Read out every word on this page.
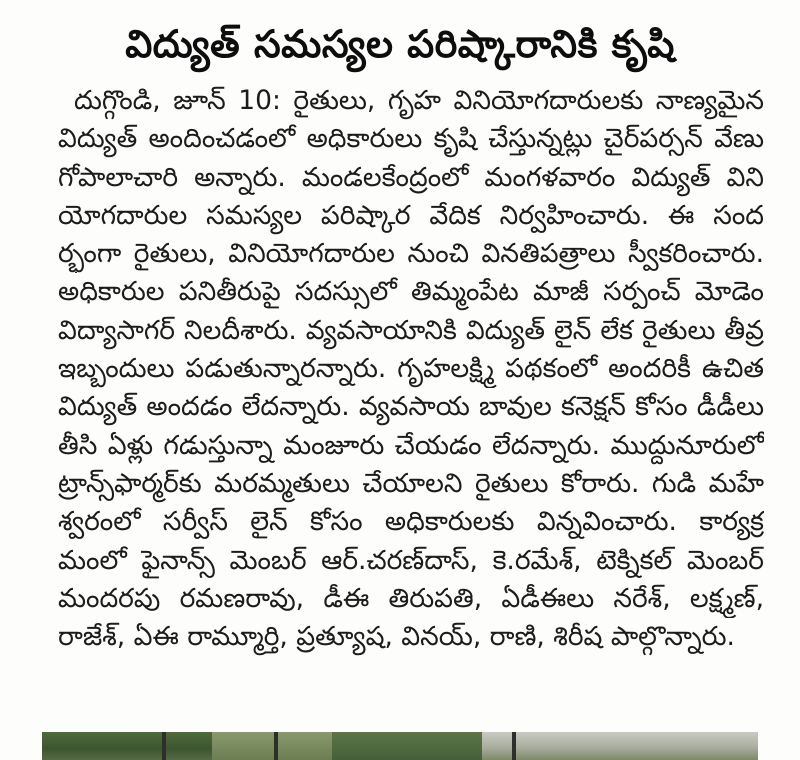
విద్యుత్ సమస్యల పరిష్కారానికి కృషి
దుగ్గొండి, జూన్ 10: రైతులు, గృహ వినియోగదారులకు నాణ్యమైన
విద్యుత్ అందించడంలో అధికారులు కృషి చేస్తున్నట్లు చైర్‌పర్సన్ వేణు
గోపాలాచారి అన్నారు. మండలకేంద్రంలో మంగళవారం విద్యుత్ విని
యోగదారుల సమస్యల పరిష్కార వేదిక నిర్వహించారు. ఈ సంద
ర్భంగా రైతులు, వినియోగదారుల నుంచి వినతిపత్రాలు స్వీకరించారు.
అధికారుల పనితీరుపై సదస్సులో తిమ్మంపేట మాజీ సర్పంచ్ మోడెం
విద్యాసాగర్ నిలదీశారు. వ్యవసాయానికి విద్యుత్ లైన్ లేక రైతులు తీవ్ర
ఇబ్బందులు పడుతున్నారన్నారు. గృహలక్ష్మి పథకంలో అందరికీ ఉచిత
విద్యుత్ అందడం లేదన్నారు. వ్యవసాయ బావుల కనెక్షన్ కోసం డీడీలు
తీసి ఏళ్లు గడుస్తున్నా మంజూరు చేయడం లేదన్నారు. ముద్దునూరులో
ట్రాన్స్‌ఫార్మర్‌కు మరమ్మతులు చేయాలని రైతులు కోరారు. గుడి మహే
శ్వరంలో సర్వీస్ లైన్ కోసం అధికారులకు విన్నవించారు. కార్యక్ర
మంలో ఫైనాన్స్ మెంబర్ ఆర్.చరణ్‌దాస్, కె.రమేశ్, టెక్నికల్ మెంబర్
మందరపు రమణరావు, డీఈ తిరుపతి, ఏడీఈలు నరేశ్, లక్ష్మణ్,
రాజేశ్, ఏఈ రామ్మూర్తి, ప్రత్యూష, వినయ్, రాణి, శిరీష పాల్గొన్నారు.
